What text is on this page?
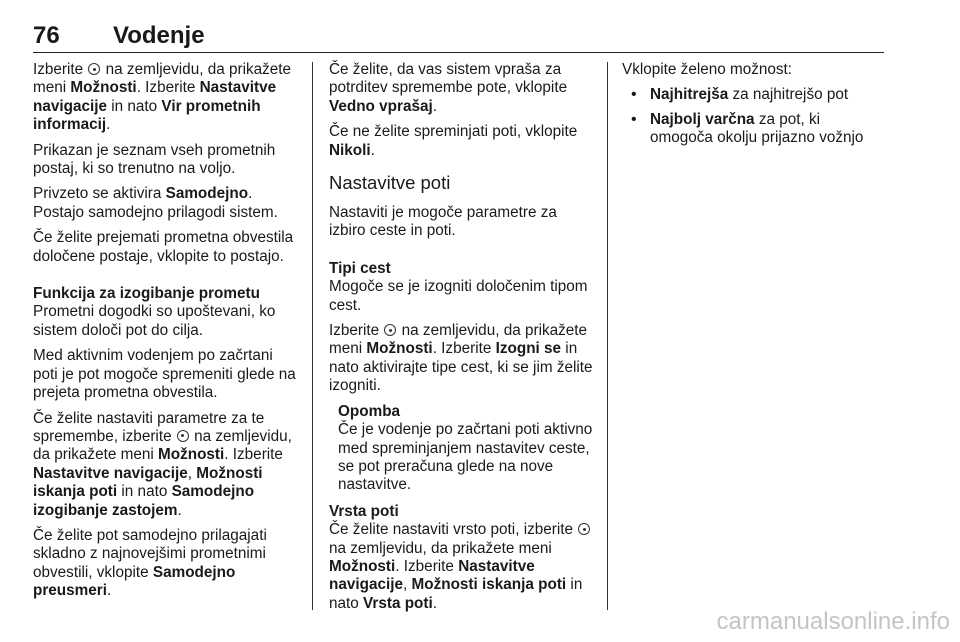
76 Vodenje

Izberite  na zemljevidu, da prikažete meni Možnosti. Izberite Nastavitve navigacije in nato Vir prometnih informacij.

Prikazan je seznam vseh prometnih postaj, ki so trenutno na voljo.

Privzeto se aktivira Samodejno. Postajo samodejno prilagodi sistem.

Če želite prejemati prometna obvestila določene postaje, vklopite to postajo.

Funkcija za izogibanje prometu

Prometni dogodki so upoštevani, ko sistem določi pot do cilja.

Med aktivnim vodenjem po začrtani poti je pot mogoče spremeniti glede na prejeta prometna obvestila.

Če želite nastaviti parametre za te spremembe, izberite  na zemljevidu, da prikažete meni Možnosti. Izberite Nastavitve navigacije, Možnosti iskanja poti in nato Samodejno izogibanje zastojem.

Če želite pot samodejno prilagajati skladno z najnovejšimi prometnimi obvestili, vklopite Samodejno preusmeri.

Če želite, da vas sistem vpraša za potrditev spremembe pote, vklopite Vedno vprašaj.

Če ne želite spreminjati poti, vklopite Nikoli.

Nastavitve poti

Nastaviti je mogoče parametre za izbiro ceste in poti.

Tipi cest

Mogoče se je izogniti določenim tipom cest.

Izberite  na zemljevidu, da prikažete meni Možnosti. Izberite Izogni se in nato aktivirajte tipe cest, ki se jim želite izogniti.

Opomba
Če je vodenje po začrtani poti aktivno med spreminjanjem nastavitev ceste, se pot preračuna glede na nove nastavitve.
Vrsta poti

Če želite nastaviti vrsto poti, izberite  na zemljevidu, da prikažete meni Možnosti. Izberite Nastavitve navigacije, Možnosti iskanja poti in nato Vrsta poti.

Vklopite želeno možnost:

• Najhitrejša za najhitrejšo pot
• Najbolj varčna za pot, ki omogoča okolju prijazno vožnjo
carmanualsonline.info
